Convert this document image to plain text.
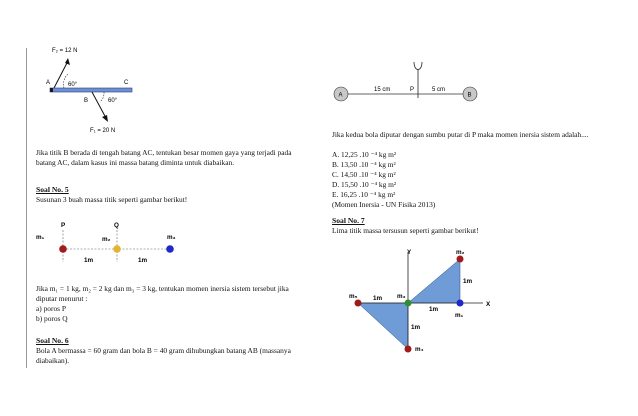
F₂ = 12 N
60°
A	C
B	60°
F₁ = 20 N

Jika titik B berada di tengah batang AC, tentukan besar momen gaya yang terjadi pada batang AC, dalam kasus ini massa batang diminta untuk diabaikan.

Soal No. 5

Susunan 3 buah massa titik seperti gambar berikut!

P	Q
m₁	m₂	m₃
1m	1m

Jika m₁ = 1 kg, m₂ = 2 kg dan m₃ = 3 kg, tentukan momen inersia sistem tersebut jika diputar menurut :

a) poros P

b) poros Q

Soal No. 6

Bola A bermassa = 60 gram dan bola B = 40 gram dihubungkan batang AB (massanya diabaikan).

A	B
15 cm	P	5 cm

Jika kedua bola diputar dengan sumbu putar di P maka momen inersia sistem adalah....

A. 12,25 .10 ⁻⁴ kg m²

B. 13,50 .10 ⁻⁴ kg m²

C. 14,50 .10 ⁻⁴ kg m²

D. 15,50 .10 ⁻⁴ kg m²

E. 16,25 .10 ⁻⁴ kg m²

(Momen Inersia - UN Fisika 2013)

Soal No. 7

Lima titik massa tersusun seperti gambar berikut!

Y
X
m₁
m₂
m₃
m₄
m₅ 1m
1m
1m
1m
